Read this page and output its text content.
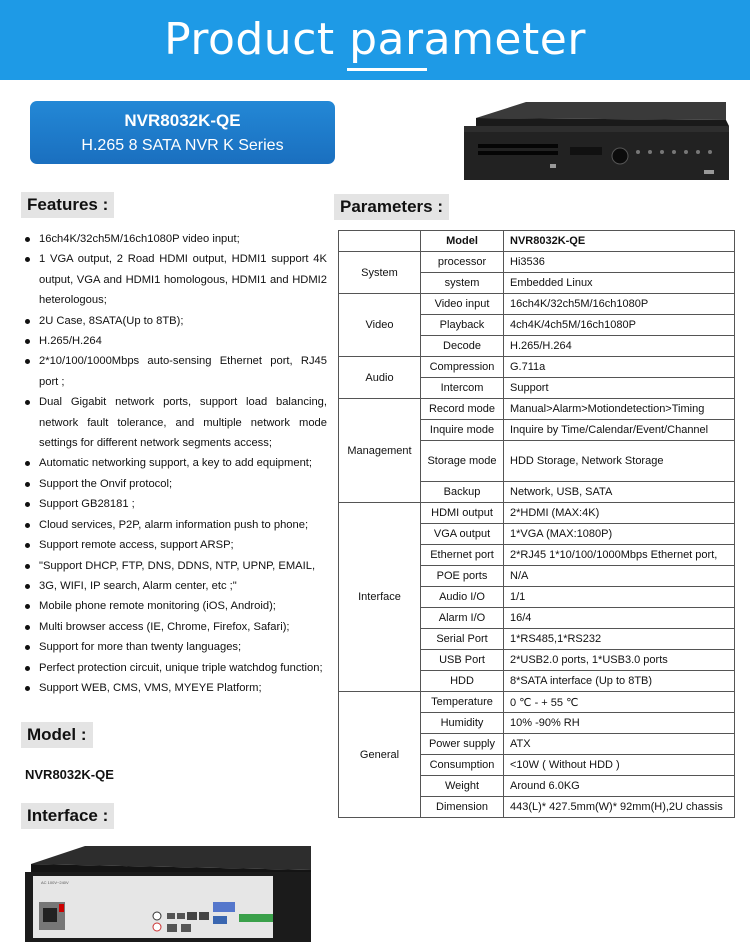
Product parameter
NVR8032K-QE
H.265 8 SATA NVR K Series
Features :
16ch4K/32ch5M/16ch1080P video input;
1 VGA output, 2 Road HDMI output, HDMI1 support 4K output, VGA and HDMI1 homologous, HDMI1 and HDMI2 heterologous;
2U Case, 8SATA(Up to 8TB);
H.265/H.264
2*10/100/1000Mbps auto-sensing Ethernet port, RJ45 port ;
Dual Gigabit network ports, support load balancing, network fault tolerance, and multiple network mode settings for different network segments access;
Automatic networking support, a key to add equipment;
Support the Onvif protocol;
Support GB28181 ;
Cloud services, P2P, alarm information push to phone;
Support remote access, support ARSP;
"Support DHCP, FTP, DNS, DDNS, NTP, UPNP, EMAIL,
3G, WIFI, IP search, Alarm center, etc ;"
Mobile phone remote monitoring (iOS, Android);
Multi browser access (IE, Chrome, Firefox, Safari);
Support for more than twenty languages;
Perfect protection circuit, unique triple watchdog function;
Support WEB, CMS, VMS, MYEYE Platform;
Model :
NVR8032K-QE
Interface :
AC 100V~240V
Parameters :
	Model	NVR8032K-QE
System	processor	Hi3536
	system	Embedded Linux
Video	Video input	16ch4K/32ch5M/16ch1080P
	Playback	4ch4K/4ch5M/16ch1080P
	Decode	H.265/H.264
Audio	Compression	G.711a
	Intercom	Support
Management	Record mode	Manual>Alarm>Motiondetection>Timing
	Inquire mode	Inquire by Time/Calendar/Event/Channel
	Storage mode	HDD Storage, Network Storage
	Backup	Network, USB, SATA
Interface	HDMI output	2*HDMI (MAX:4K)
	VGA output	1*VGA (MAX:1080P)
	Ethernet port	2*RJ45 1*10/100/1000Mbps Ethernet port,
	POE ports	N/A
	Audio I/O	1/1
	Alarm I/O	16/4
	Serial Port	1*RS485,1*RS232
	USB Port	2*USB2.0 ports, 1*USB3.0 ports
	HDD	8*SATA interface (Up to 8TB)
General	Temperature	0 ℃ - + 55 ℃
	Humidity	10% -90% RH
	Power supply	ATX
	Consumption	<10W ( Without HDD )
	Weight	Around 6.0KG
	Dimension	443(L)* 427.5mm(W)* 92mm(H),2U chassis
